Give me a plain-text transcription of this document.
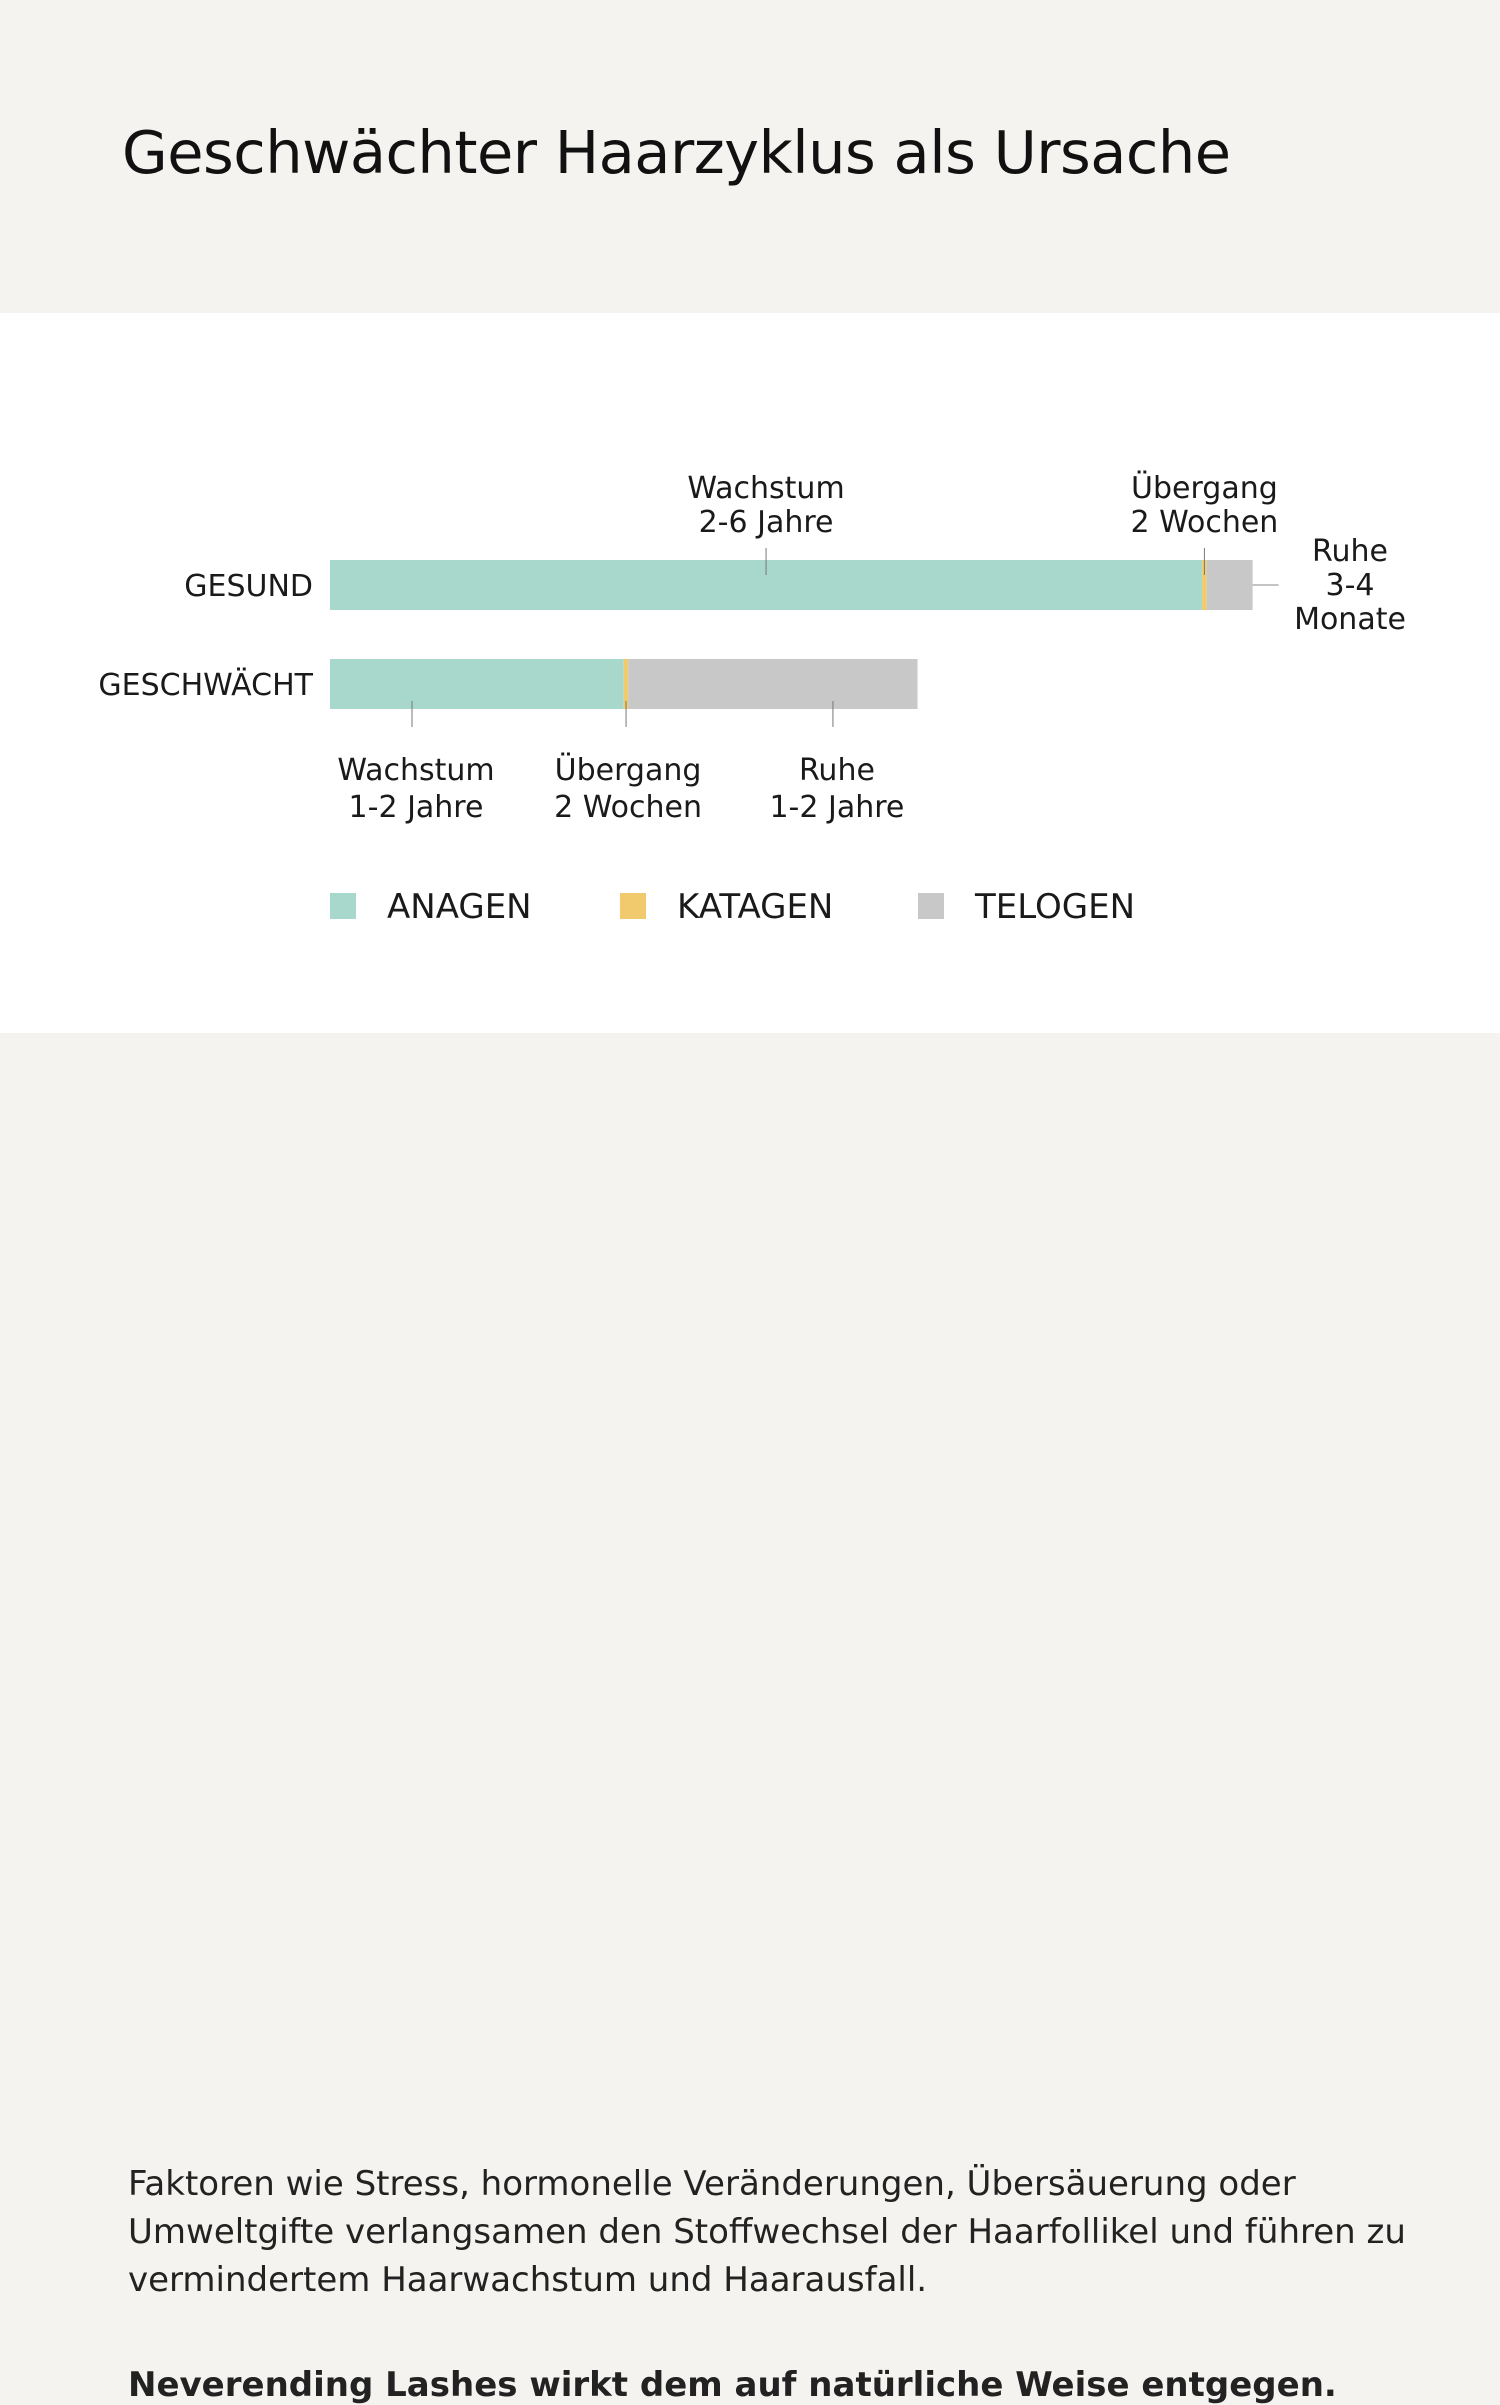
Geschwächter Haarzyklus als Ursache
GESUND
Wachstum 2-6 Jahre
Übergang 2 Wochen
Ruhe 3-4 Monate
GESCHWÄCHT
Wachstum 1-2 Jahre
Übergang 2 Wochen
Ruhe 1-2 Jahre
ANAGEN	KATAGEN	TELOGEN

Faktoren wie Stress, hormonelle Veränderungen, Übersäuerung oder Umweltgifte verlangsamen den Stoffwechsel der Haarfollikel und führen zu vermindertem Haarwachstum und Haarausfall.

Neverending Lashes wirkt dem auf natürliche Weise entgegen.
